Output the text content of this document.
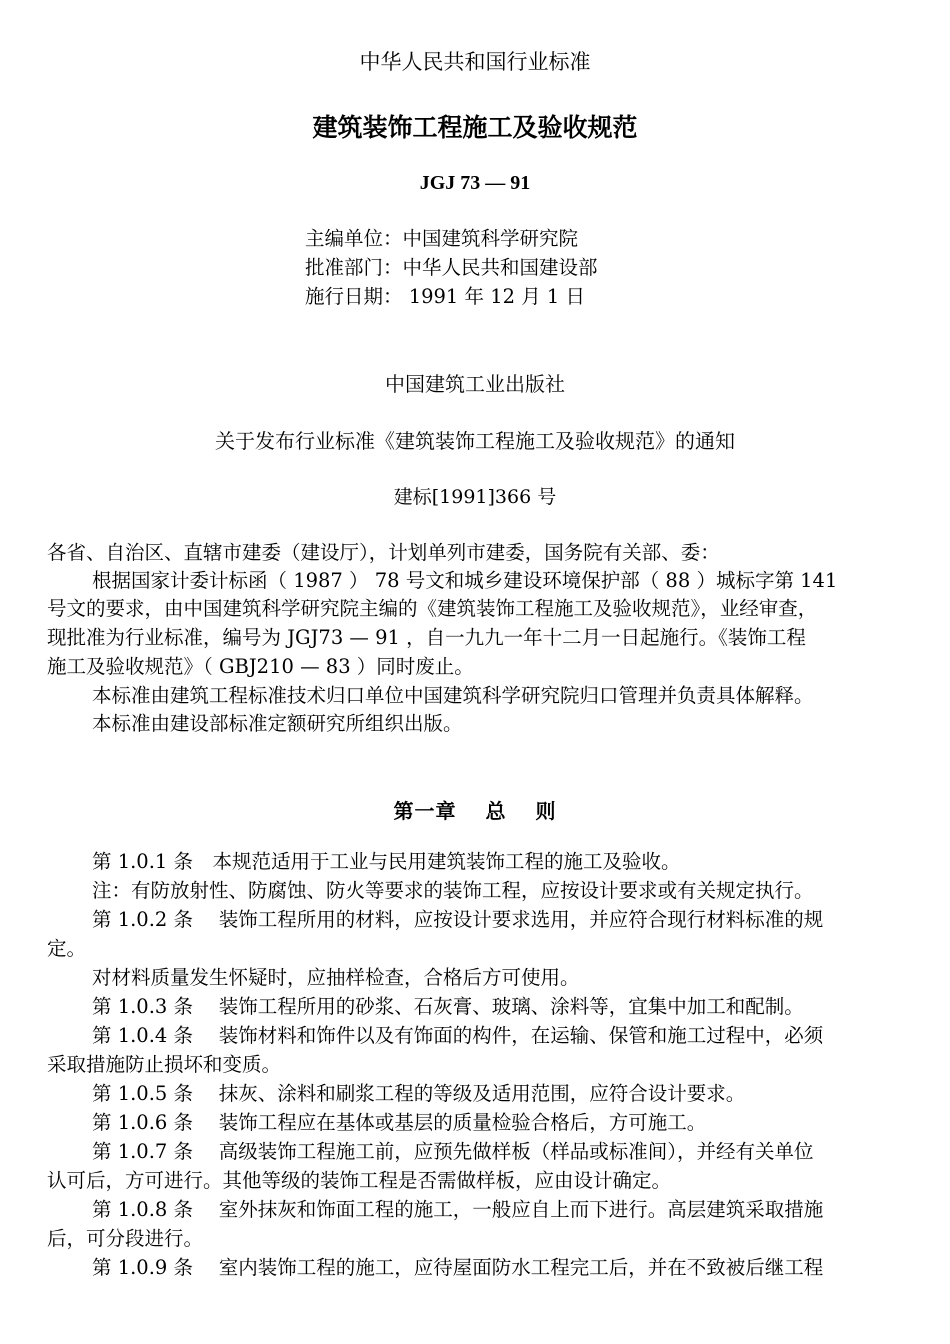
中华人民共和国行业标准
建筑装饰工程施工及验收规范
JGJ 73 — 91
主编单位：中国建筑科学研究院
批准部门：中华人民共和国建设部
施行日期： 1991 年 12 月 1 日
中国建筑工业出版社
关于发布行业标准《建筑装饰工程施工及验收规范》的通知
建标[1991]366 号
各省、自治区、直辖市建委（建设厅），计划单列市建委，国务院有关部、委：
根据国家计委计标函（ 1987 ） 78 号文和城乡建设环境保护部（ 88 ）城标字第 141
号文的要求，由中国建筑科学研究院主编的《建筑装饰工程施工及验收规范》，业经审查，
现批准为行业标准，编号为 JGJ73 — 91 ，自一九九一年十二月一日起施行。《装饰工程
施工及验收规范》（ GBJ210 — 83 ）同时废止。
本标准由建筑工程标准技术归口单位中国建筑科学研究院归口管理并负责具体解释。
本标准由建设部标准定额研究所组织出版。
第一章　 总　 则
第 1.0.1 条　本规范适用于工业与民用建筑装饰工程的施工及验收。
注：有防放射性、防腐蚀、防火等要求的装饰工程，应按设计要求或有关规定执行。
第 1.0.2 条　 装饰工程所用的材料，应按设计要求选用，并应符合现行材料标准的规
定。
对材料质量发生怀疑时，应抽样检查，合格后方可使用。
第 1.0.3 条　 装饰工程所用的砂浆、石灰膏、玻璃、涂料等，宜集中加工和配制。
第 1.0.4 条　 装饰材料和饰件以及有饰面的构件，在运输、保管和施工过程中，必须
采取措施防止损坏和变质。
第 1.0.5 条　 抹灰、涂料和刷浆工程的等级及适用范围，应符合设计要求。
第 1.0.6 条　 装饰工程应在基体或基层的质量检验合格后，方可施工。
第 1.0.7 条　 高级装饰工程施工前，应预先做样板（样品或标准间），并经有关单位
认可后，方可进行。其他等级的装饰工程是否需做样板，应由设计确定。
第 1.0.8 条　 室外抹灰和饰面工程的施工，一般应自上而下进行。高层建筑采取措施
后，可分段进行。
第 1.0.9 条　 室内装饰工程的施工，应待屋面防水工程完工后，并在不致被后继工程
